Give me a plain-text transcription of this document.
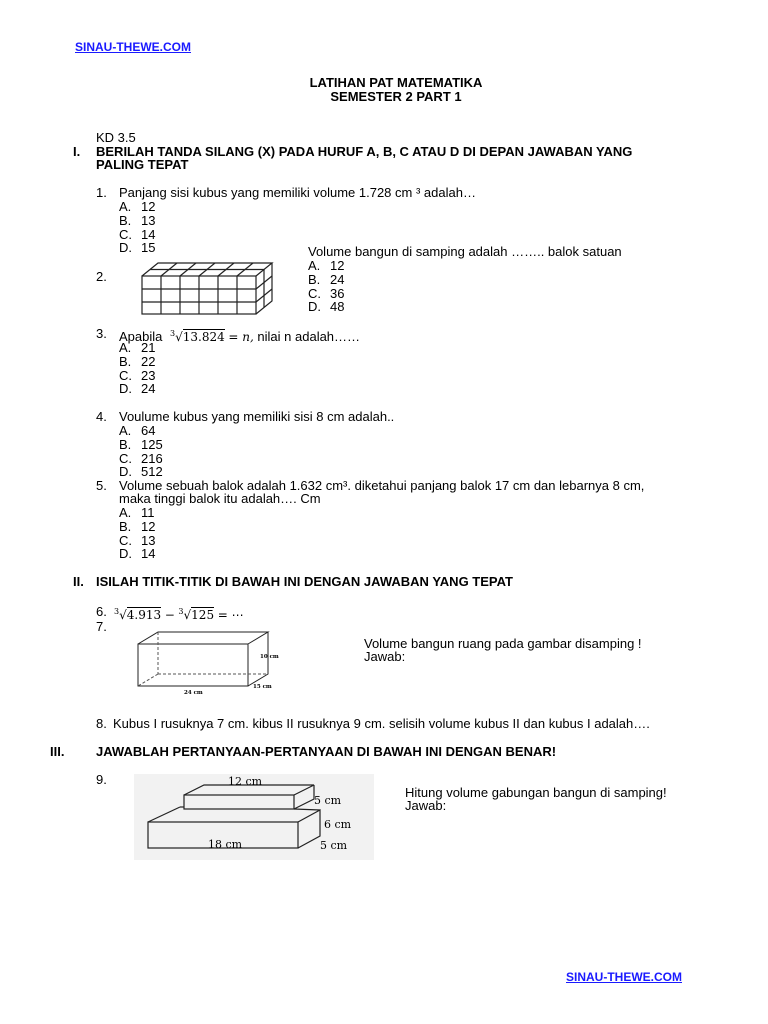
SINAU-THEWE.COM
LATIHAN PAT MATEMATIKA
SEMESTER 2 PART 1
KD 3.5
I. BERILAH TANDA SILANG (X) PADA HURUF A, B, C ATAU D DI DEPAN JAWABAN YANG
PALING TEPAT
1. Panjang sisi kubus yang memiliki volume 1.728 cm ³ adalah…
A. 12
B. 13
C. 14
D. 15
2.
Volume bangun di samping adalah …….. balok satuan
A. 12
B. 24
C. 36
D. 48
3. Apabila $^3$√13.824 = n, nilai n adalah……
A. 21
B. 22
C. 23
D. 24
4. Voulume kubus yang memiliki sisi 8 cm adalah..
A. 64
B. 125
C. 216
D. 512
5. Volume sebuah balok adalah 1.632 cm³. diketahui panjang balok 17 cm dan lebarnya 8 cm,
maka tinggi balok itu adalah…. Cm
A. 11
B. 12
C. 13
D. 14
II. ISILAH TITIK-TITIK DI BAWAH INI DENGAN JAWABAN YANG TEPAT
6. $^3$√4.913 − $^3$√125 = ⋯
7.
10 cm
15 cm
24 cm
Volume bangun ruang pada gambar disamping !
Jawab:
8. Kubus I rusuknya 7 cm. kibus II rusuknya 9 cm. selisih volume kubus II dan kubus I adalah….
III. JAWABLAH PERTANYAAN-PERTANYAAN DI BAWAH INI DENGAN BENAR!
9.	12 cm
5 cm
6 cm
18 cm	5 cm
Hitung volume gabungan bangun di samping!
Jawab:
SINAU-THEWE.COM
